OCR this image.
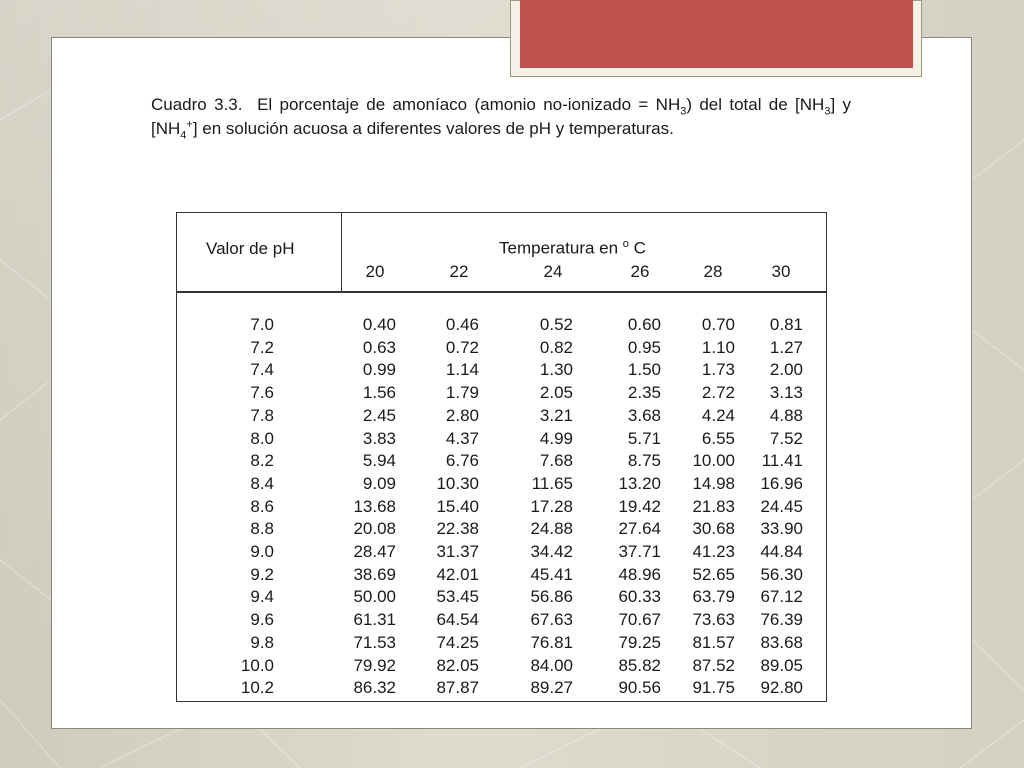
Cuadro 3.3.  El porcentaje de amoníaco (amonio no-ionizado = $NH_3$) del total de $[NH_3]$ y $[NH_4^+]$ en solución acuosa a diferentes valores de pH y temperaturas.
Valor de pH	Temperatura en $^o$ C
20	22	24	26	28	30
7.0	0.40	0.46	0.52	0.60	0.70	0.81
7.2	0.63	0.72	0.82	0.95	1.10	1.27
7.4	0.99	1.14	1.30	1.50	1.73	2.00
7.6	1.56	1.79	2.05	2.35	2.72	3.13
7.8	2.45	2.80	3.21	3.68	4.24	4.88
8.0	3.83	4.37	4.99	5.71	6.55	7.52
8.2	5.94	6.76	7.68	8.75	10.00	11.41
8.4	9.09	10.30	11.65	13.20	14.98	16.96
8.6	13.68	15.40	17.28	19.42	21.83	24.45
8.8	20.08	22.38	24.88	27.64	30.68	33.90
9.0	28.47	31.37	34.42	37.71	41.23	44.84
9.2	38.69	42.01	45.41	48.96	52.65	56.30
9.4	50.00	53.45	56.86	60.33	63.79	67.12
9.6	61.31	64.54	67.63	70.67	73.63	76.39
9.8	71.53	74.25	76.81	79.25	81.57	83.68
10.0	79.92	82.05	84.00	85.82	87.52	89.05
10.2	86.32	87.87	89.27	90.56	91.75	92.80
